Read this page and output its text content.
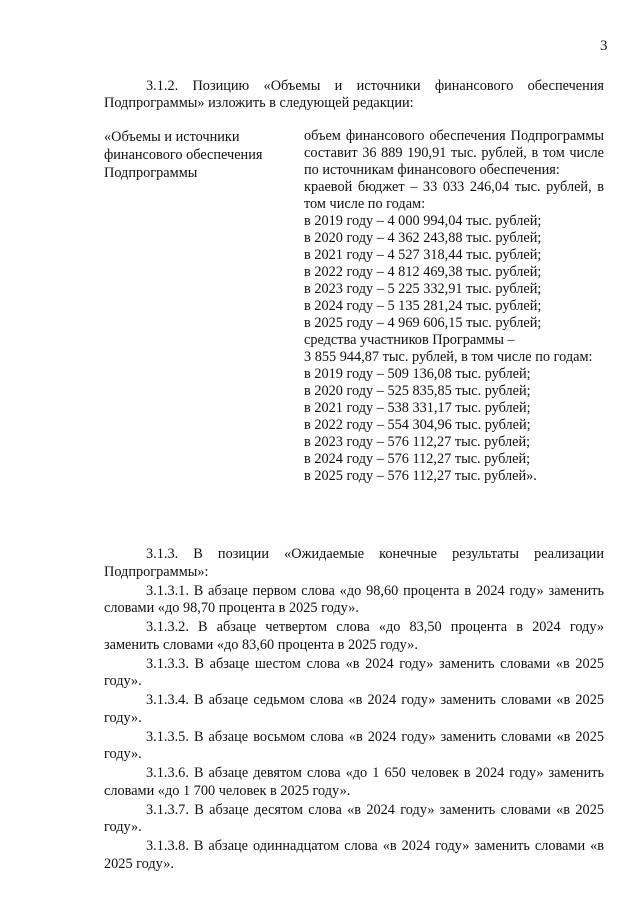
3
3.1.2. Позицию «Объемы и источники финансового обеспечения Подпрограммы» изложить в следующей редакции:
«Объемы и источники финансового обеспечения Подпрограммы
объем финансового обеспечения Подпрограммы составит 36 889 190,91 тыс. рублей, в том числе по источникам финансового обеспечения:
краевой бюджет – 33 033 246,04 тыс. рублей, в том числе по годам:
в 2019 году – 4 000 994,04 тыс. рублей;
в 2020 году – 4 362 243,88 тыс. рублей;
в 2021 году – 4 527 318,44 тыс. рублей;
в 2022 году – 4 812 469,38 тыс. рублей;
в 2023 году – 5 225 332,91 тыс. рублей;
в 2024 году – 5 135 281,24 тыс. рублей;
в 2025 году – 4 969 606,15 тыс. рублей;
средства участников Программы –
3 855 944,87 тыс. рублей, в том числе по годам:
в 2019 году – 509 136,08 тыс. рублей;
в 2020 году – 525 835,85 тыс. рублей;
в 2021 году – 538 331,17 тыс. рублей;
в 2022 году – 554 304,96 тыс. рублей;
в 2023 году – 576 112,27 тыс. рублей;
в 2024 году – 576 112,27 тыс. рублей;
в 2025 году – 576 112,27 тыс. рублей».

3.1.3. В позиции «Ожидаемые конечные результаты реализации Подпрограммы»:

3.1.3.1. В абзаце первом слова «до 98,60 процента в 2024 году» заменить словами «до 98,70 процента в 2025 году».

3.1.3.2. В абзаце четвертом слова «до 83,50 процента в 2024 году» заменить словами «до 83,60 процента в 2025 году».

3.1.3.3. В абзаце шестом слова «в 2024 году» заменить словами «в 2025 году».

3.1.3.4. В абзаце седьмом слова «в 2024 году» заменить словами «в 2025 году».

3.1.3.5. В абзаце восьмом слова «в 2024 году» заменить словами «в 2025 году».

3.1.3.6. В абзаце девятом слова «до 1 650 человек в 2024 году» заменить словами «до 1 700 человек в 2025 году».

3.1.3.7. В абзаце десятом слова «в 2024 году» заменить словами «в 2025 году».

3.1.3.8. В абзаце одиннадцатом слова «в 2024 году» заменить словами «в 2025 году».
